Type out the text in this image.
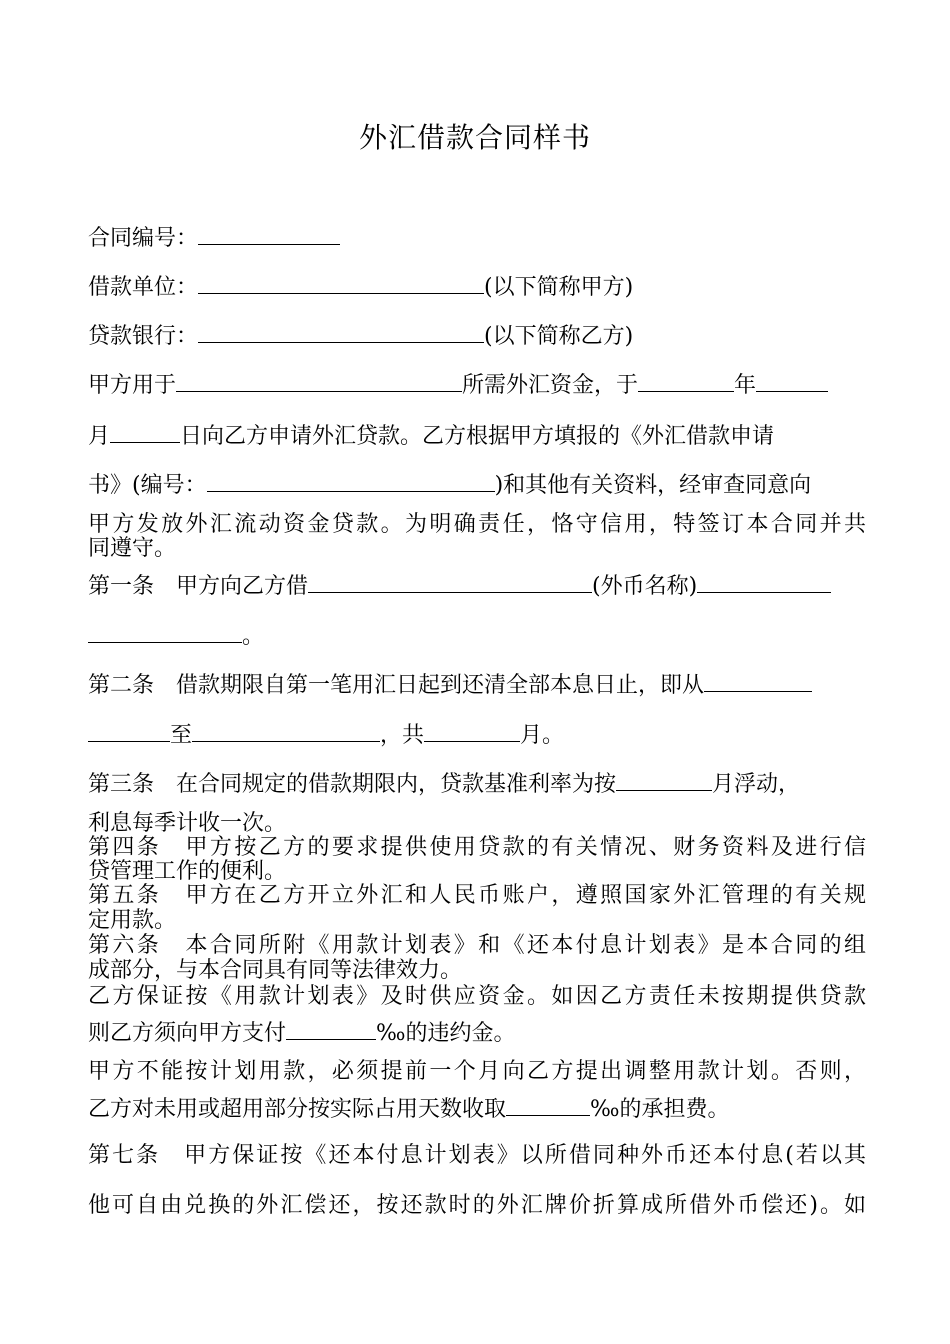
外汇借款合同样书
合同编号：
借款单位：	(以下简称甲方)
贷款银行：	(以下简称乙方)
甲方用于	所需外汇资金，于	年
月	日向乙方申请外汇贷款。乙方根据甲方填报的《外汇借款申请
书》(编号：	)和其他有关资料，经审查同意向
甲方发放外汇流动资金贷款。为明确责任，恪守信用，特签订本合同并共
同遵守。
第一条　甲方向乙方借	(外币名称)
。
第二条　借款期限自第一笔用汇日起到还清全部本息日止，即从
至	，共	月。
第三条　在合同规定的借款期限内，贷款基准利率为按	月浮动，
利息每季计收一次。
第四条　甲方按乙方的要求提供使用贷款的有关情况、财务资料及进行信
贷管理工作的便利。
第五条　甲方在乙方开立外汇和人民币账户，遵照国家外汇管理的有关规
定用款。
第六条　本合同所附《用款计划表》和《还本付息计划表》是本合同的组
成部分，与本合同具有同等法律效力。
乙方保证按《用款计划表》及时供应资金。如因乙方责任未按期提供贷款
则乙方须向甲方支付	‰的违约金。
甲方不能按计划用款，必须提前一个月向乙方提出调整用款计划。否则，
乙方对未用或超用部分按实际占用天数收取	‰的承担费。
第七条　甲方保证按《还本付息计划表》以所借同种外币还本付息(若以其
他可自由兑换的外汇偿还，按还款时的外汇牌价折算成所借外币偿还)。如
